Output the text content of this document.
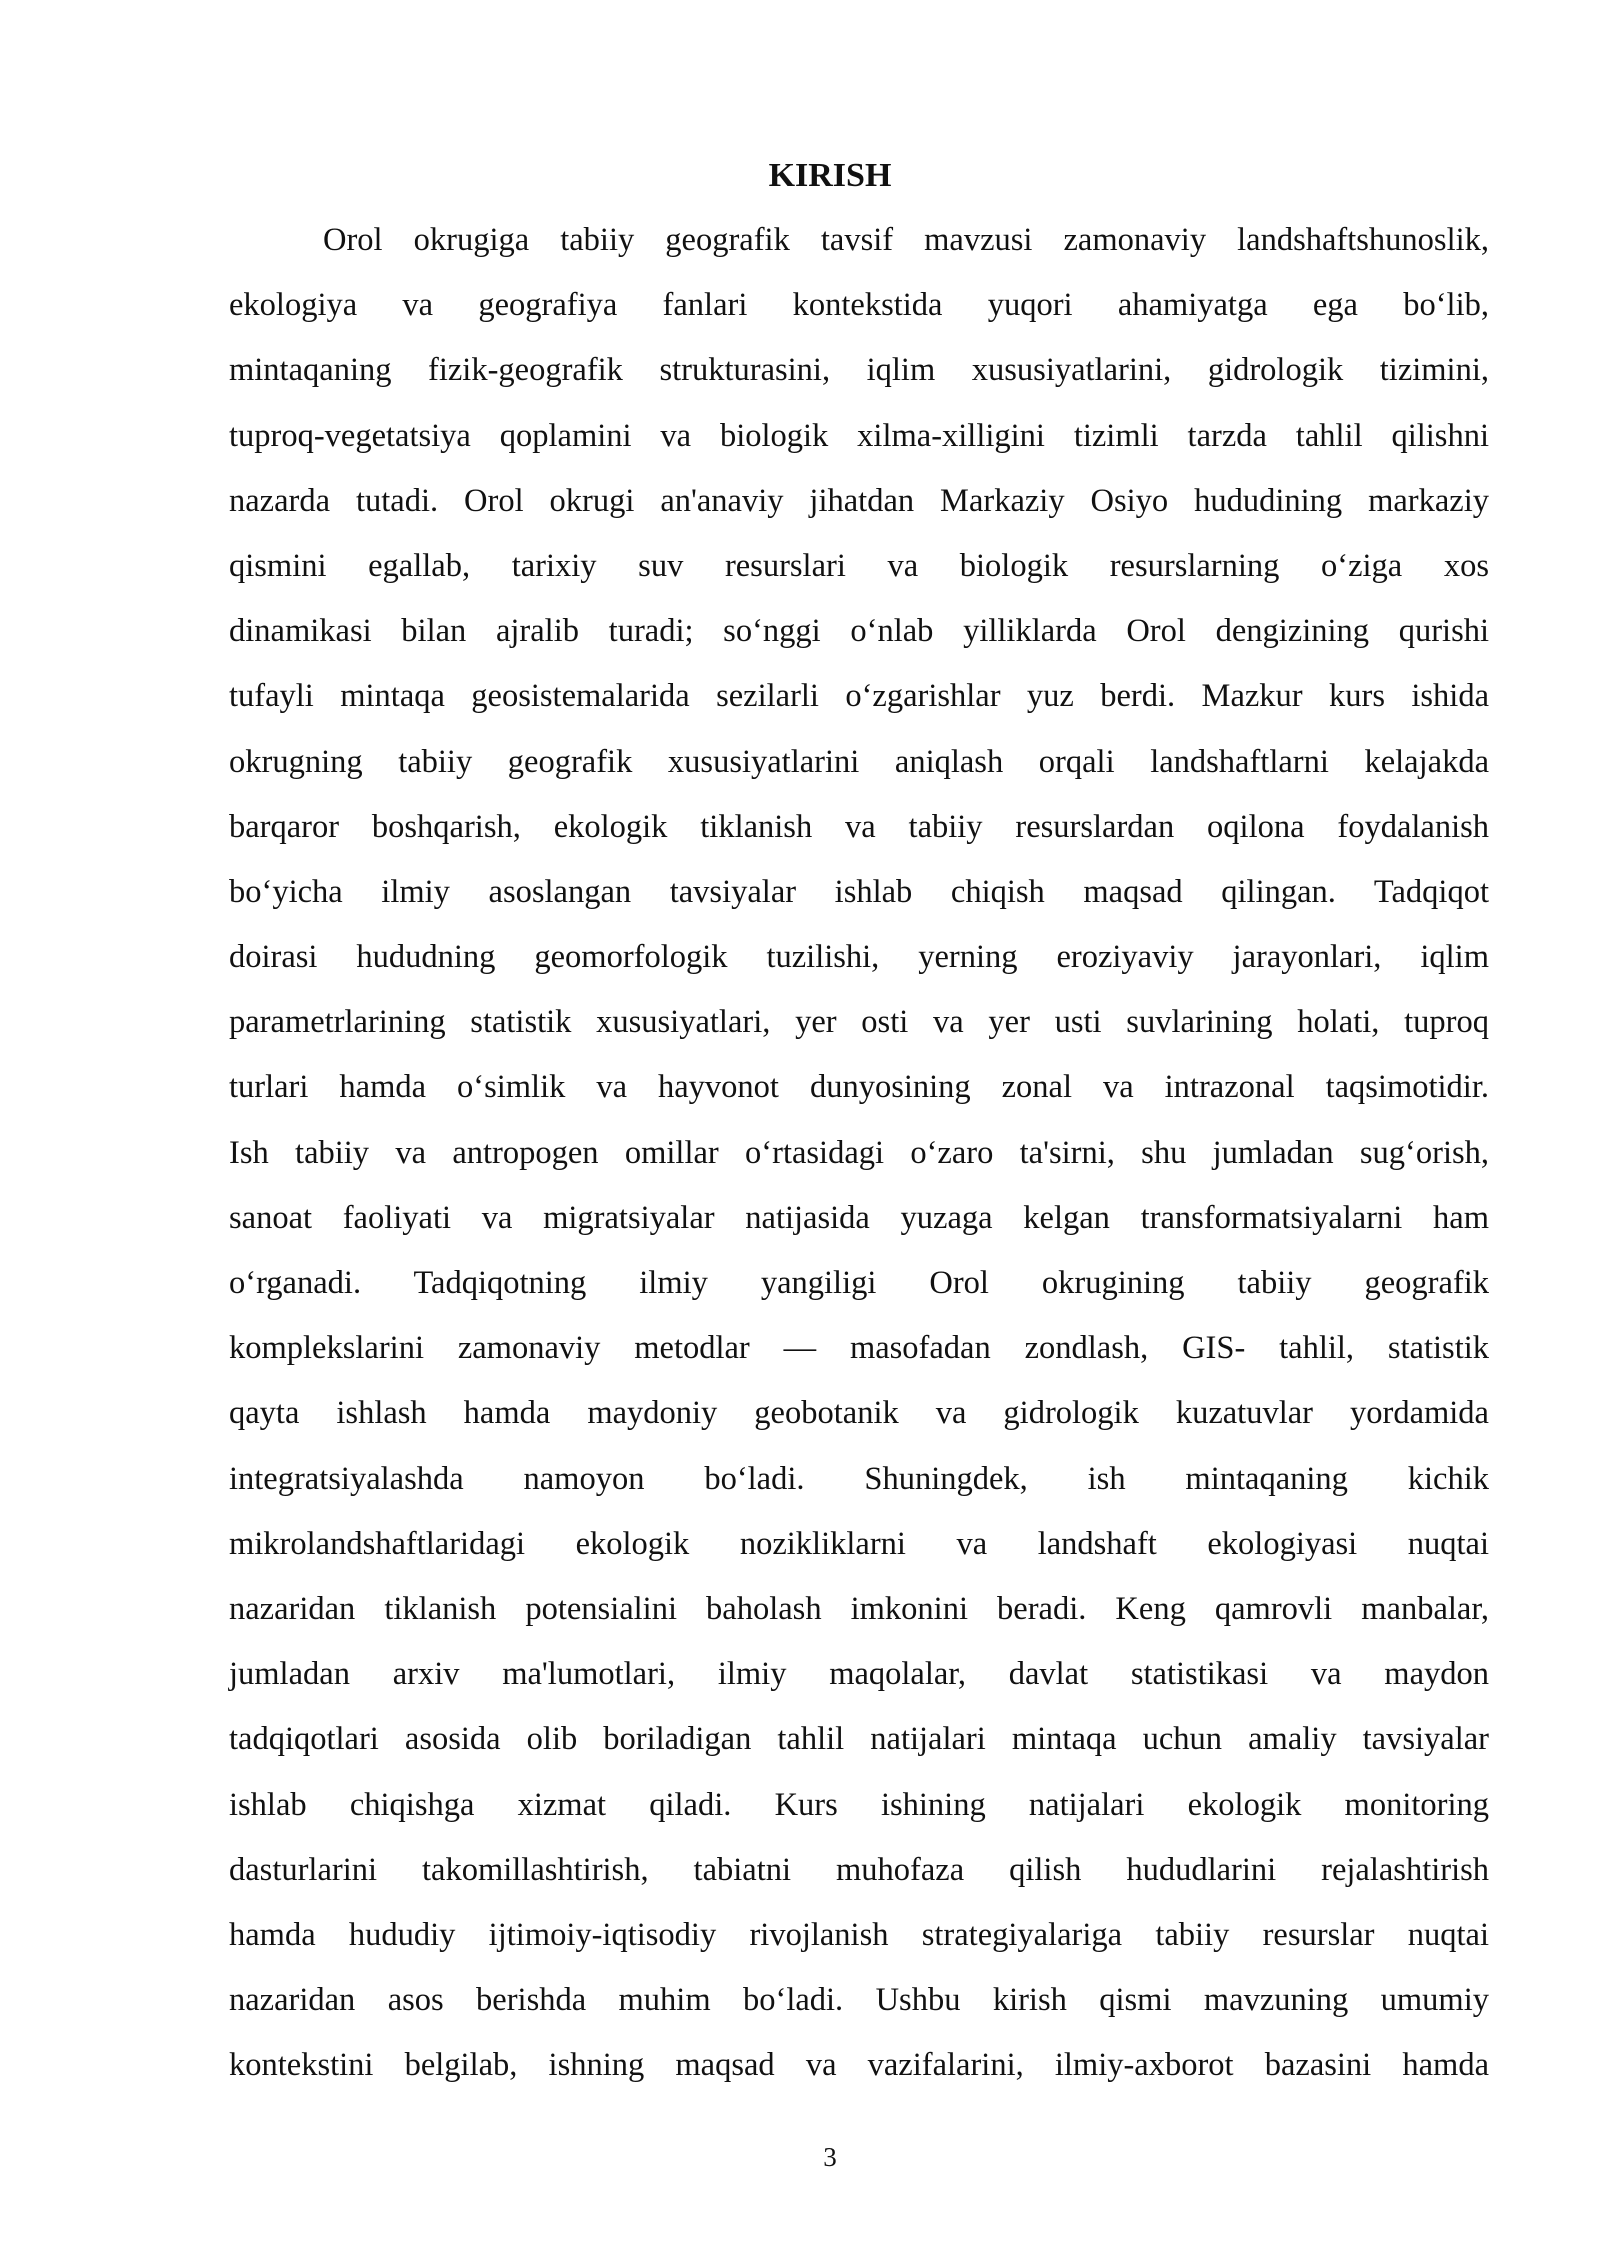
KIRISH
Orol okrugiga tabiiy geografik tavsif mavzusi zamonaviy landshaftshunoslik,
ekologiya va geografiya fanlari kontekstida yuqori ahamiyatga ega boʻlib,
mintaqaning fizik-geografik strukturasini, iqlim xususiyatlarini, gidrologik tizimini,
tuproq-vegetatsiya qoplamini va biologik xilma-xilligini tizimli tarzda tahlil qilishni
nazarda tutadi. Orol okrugi an'anaviy jihatdan Markaziy Osiyo hududining markaziy
qismini egallab, tarixiy suv resurslari va biologik resurslarning oʻziga xos
dinamikasi bilan ajralib turadi; soʻnggi oʻnlab yilliklarda Orol dengizining qurishi
tufayli mintaqa geosistemalarida sezilarli oʻzgarishlar yuz berdi. Mazkur kurs ishida
okrugning tabiiy geografik xususiyatlarini aniqlash orqali landshaftlarni kelajakda
barqaror boshqarish, ekologik tiklanish va tabiiy resurslardan oqilona foydalanish
boʻyicha ilmiy asoslangan tavsiyalar ishlab chiqish maqsad qilingan. Tadqiqot
doirasi hududning geomorfologik tuzilishi, yerning eroziyaviy jarayonlari, iqlim
parametrlarining statistik xususiyatlari, yer osti va yer usti suvlarining holati, tuproq
turlari hamda oʻsimlik va hayvonot dunyosining zonal va intrazonal taqsimotidir.
Ish tabiiy va antropogen omillar oʻrtasidagi oʻzaro ta'sirni, shu jumladan sugʻorish,
sanoat faoliyati va migratsiyalar natijasida yuzaga kelgan transformatsiyalarni ham
oʻrganadi. Tadqiqotning ilmiy yangiligi Orol okrugining tabiiy geografik
komplekslarini zamonaviy metodlar — masofadan zondlash, GIS- tahlil, statistik
qayta ishlash hamda maydoniy geobotanik va gidrologik kuzatuvlar yordamida
integratsiyalashda namoyon boʻladi. Shuningdek, ish mintaqaning kichik
mikrolandshaftlaridagi ekologik nozikliklarni va landshaft ekologiyasi nuqtai
nazaridan tiklanish potensialini baholash imkonini beradi. Keng qamrovli manbalar,
jumladan arxiv ma'lumotlari, ilmiy maqolalar, davlat statistikasi va maydon
tadqiqotlari asosida olib boriladigan tahlil natijalari mintaqa uchun amaliy tavsiyalar
ishlab chiqishga xizmat qiladi. Kurs ishining natijalari ekologik monitoring
dasturlarini takomillashtirish, tabiatni muhofaza qilish hududlarini rejalashtirish
hamda hududiy ijtimoiy-iqtisodiy rivojlanish strategiyalariga tabiiy resurslar nuqtai
nazaridan asos berishda muhim boʻladi. Ushbu kirish qismi mavzuning umumiy
kontekstini belgilab, ishning maqsad va vazifalarini, ilmiy-axborot bazasini hamda
3
